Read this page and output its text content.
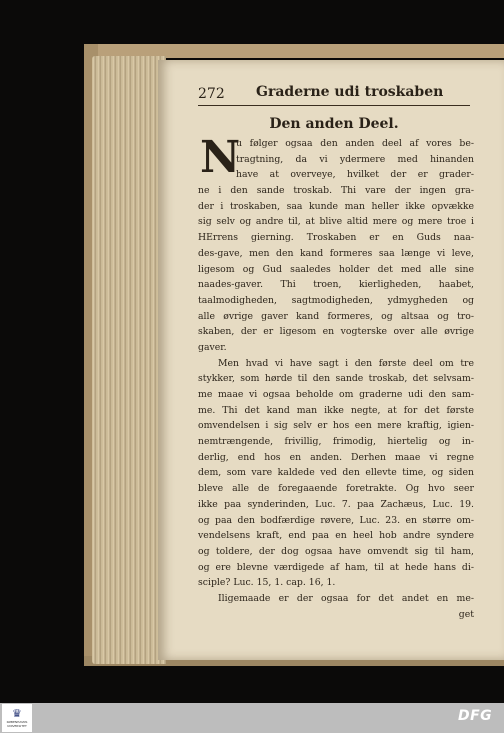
272 Graderne udi troskaben
Den anden Deel.
N
u følger ogsaa den anden deel af vores be-
tragtning, da vi ydermere med hinanden
have at overveye, hvilket der er grader-
ne i den sande troskab. Thi vare der ingen gra-
der i troskaben, saa kunde man heller ikke opvække
sig selv og andre til, at blive altid mere og mere troe i
HErrens gierning. Troskaben er en Guds naa-
des-gave, men den kand formeres saa længe vi leve,
ligesom og Gud saaledes holder det med alle sine
naades-gaver. Thi troen, kierligheden, haabet,
taalmodigheden, sagtmodigheden, ydmygheden og
alle øvrige gaver kand formeres, og altsaa og tro-
skaben, der er ligesom en vogterske over alle øvrige
gaver.
Men hvad vi have sagt i den første deel om tre
stykker, som hørde til den sande troskab, det selvsam-
me maae vi ogsaa beholde om graderne udi den sam-
me. Thi det kand man ikke negte, at for det første
omvendelsen i sig selv er hos een mere kraftig, igien-
nemtrængende, frivillig, frimodig, hiertelig og in-
derlig, end hos en anden. Derhen maae vi regne
dem, som vare kaldede ved den ellevte time, og siden
bleve alle de foregaaende foretrakte. Og hvo seer
ikke paa synderinden, Luc. 7. paa Zachæus, Luc. 19.
og paa den bodfærdige røvere, Luc. 23. en større om-
vendelsens kraft, end paa en heel hob andre syndere
og toldere, der dog ogsaa have omvendt sig til ham,
og ere blevne værdigede af ham, til at hede hans di-
sciple? Luc. 15, 1. cap. 16, 1.
Iligemaade er der ogsaa for det andet en me-
get
♛
KØBENHAVNS UNIVERSITET
DFG
